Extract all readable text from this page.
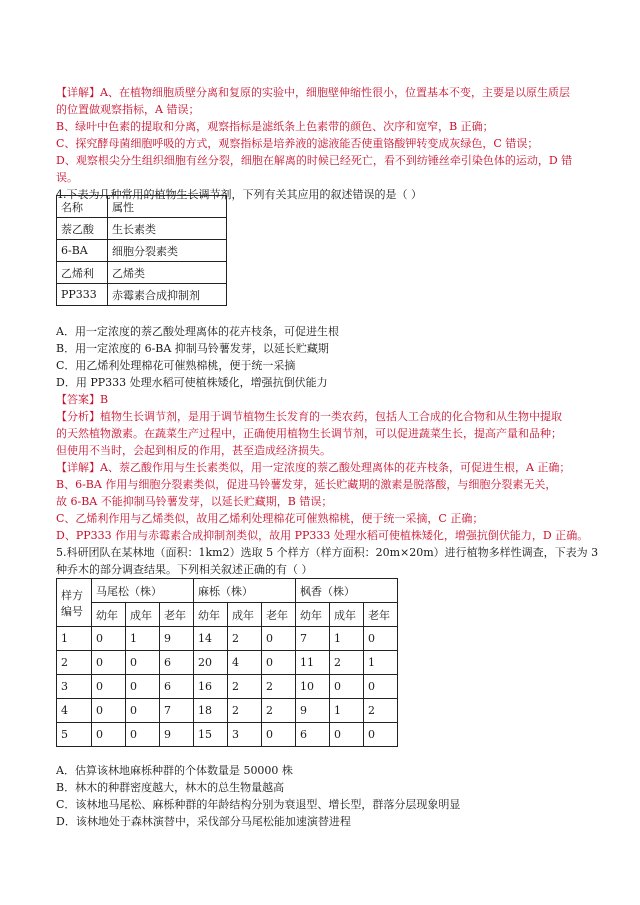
【详解】A、在植物细胞质壁分离和复原的实验中，细胞壁伸缩性很小，位置基本不变，主要是以原生质层
的位置做观察指标，A 错误；
B、绿叶中色素的提取和分离，观察指标是滤纸条上色素带的颜色、次序和宽窄，B 正确；
C、探究酵母菌细胞呼吸的方式，观察指标是培养液的滤液能否使重铬酸钾转变成灰绿色，C 错误；
D、观察根尖分生组织细胞有丝分裂，细胞在解离的时候已经死亡，看不到纺锤丝牵引染色体的运动，D 错
误。
4.下表为几种常用的植物生长调节剂，下列有关其应用的叙述错误的是（ ）
名称	属性
萘乙酸	生长素类
6-BA	细胞分裂素类
乙烯利	乙烯类
PP333	赤霉素合成抑制剂
A．用一定浓度的萘乙酸处理离体的花卉枝条，可促进生根
B．用一定浓度的 6-BA 抑制马铃薯发芽，以延长贮藏期
C．用乙烯利处理棉花可催熟棉桃，便于统一采摘
D．用 PP333 处理水稻可使植株矮化，增强抗倒伏能力
【答案】B
【分析】植物生长调节剂，是用于调节植物生长发育的一类农药，包括人工合成的化合物和从生物中提取
的天然植物激素。在蔬菜生产过程中，正确使用植物生长调节剂，可以促进蔬菜生长，提高产量和品种；
但使用不当时，会起到相反的作用，甚至造成经济损失。
【详解】A、萘乙酸作用与生长素类似，用一定浓度的萘乙酸处理离体的花卉枝条，可促进生根，A 正确；
B、6-BA 作用与细胞分裂素类似，促进马铃薯发芽，延长贮藏期的激素是脱落酸，与细胞分裂素无关，
故 6-BA 不能抑制马铃薯发芽，以延长贮藏期，B 错误；
C、乙烯利作用与乙烯类似，故用乙烯利处理棉花可催熟棉桃，便于统一采摘，C 正确；
D、PP333 作用与赤霉素合成抑制剂类似，故用 PP333 处理水稻可使植株矮化，增强抗倒伏能力，D 正确。
5.科研团队在某林地（面积：1km2）选取 5 个样方（样方面积：20m×20m）进行植物多样性调查，下表为 3
种乔木的部分调查结果。下列相关叙述正确的有（ ）
样方编号	马尾松（株）			麻栎（株）			枫香（株）		
	幼年	成年	老年	幼年	成年	老年	幼年	成年	老年
1	0	1	9	14	2	0	7	1	0
2	0	0	6	20	4	0	11	2	1
3	0	0	6	16	2	2	10	0	0
4	0	0	7	18	2	2	9	1	2
5	0	0	9	15	3	0	6	0	0
A．估算该林地麻栎种群的个体数量是 50000 株
B．林木的种群密度越大，林木的总生物量越高
C．该林地马尾松、麻栎种群的年龄结构分别为衰退型、增长型，群落分层现象明显
D．该林地处于森林演替中，采伐部分马尾松能加速演替进程
